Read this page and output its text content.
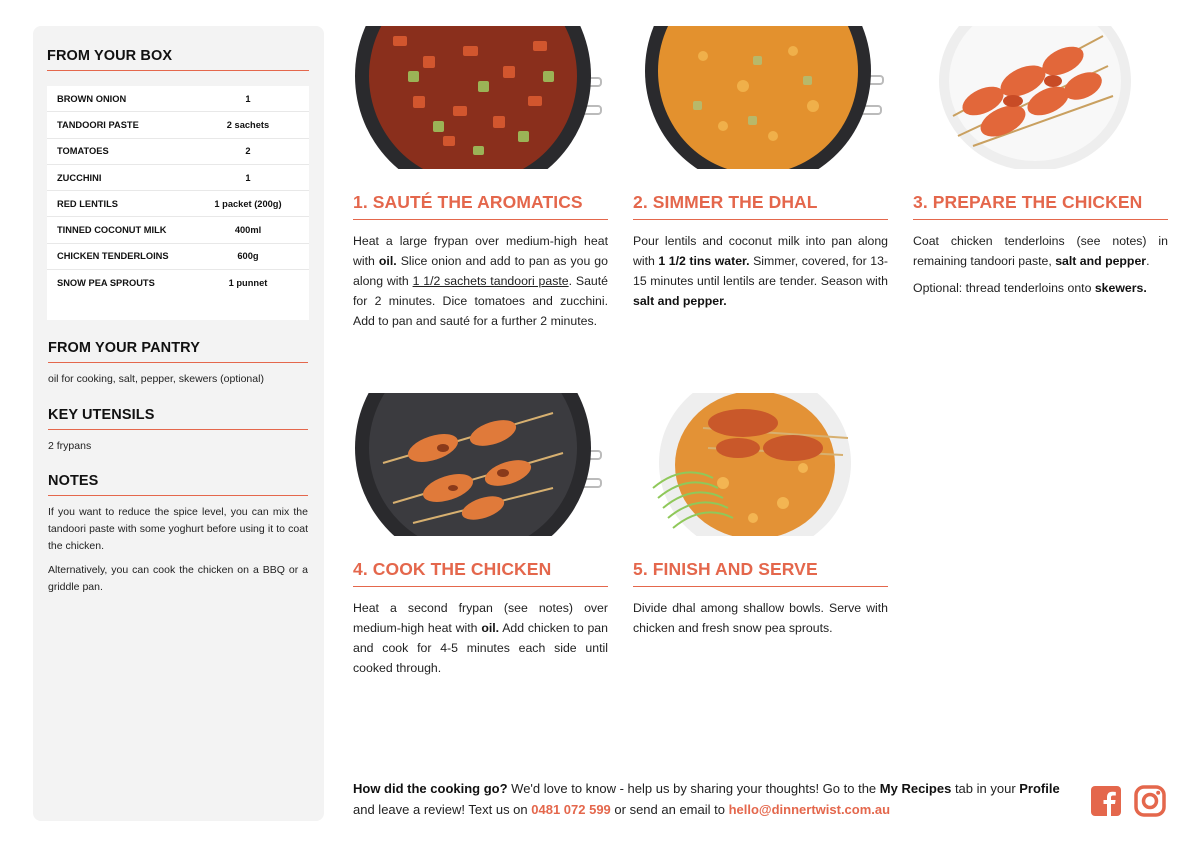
FROM YOUR BOX
BROWN ONION	1
TANDOORI PASTE	2 sachets
TOMATOES	2
ZUCCHINI	1
RED LENTILS	1 packet (200g)
TINNED COCONUT MILK	400ml
CHICKEN TENDERLOINS	600g
SNOW PEA SPROUTS	1 punnet
FROM YOUR PANTRY
oil for cooking, salt, pepper, skewers (optional)
KEY UTENSILS
2 frypans
NOTES

If you want to reduce the spice level, you can mix the tandoori paste with some yoghurt before using it to coat the chicken.

Alternatively, you can cook the chicken on a BBQ or a griddle pan.

1. SAUTÉ THE AROMATICS
Heat a large frypan over medium-high heat with oil. Slice onion and add to pan as you go along with 1 1/2 sachets tandoori paste. Sauté for 2 minutes. Dice tomatoes and zucchini. Add to pan and sauté for a further 2 minutes.
2. SIMMER THE DHAL
Pour lentils and coconut milk into pan along with 1 1/2 tins water. Simmer, covered, for 13-15 minutes until lentils are tender. Season with salt and pepper.
3. PREPARE THE CHICKEN

Coat chicken tenderloins (see notes) in remaining tandoori paste, salt and pepper.

Optional: thread tenderloins onto skewers.

4. COOK THE CHICKEN
Heat a second frypan (see notes) over medium-high heat with oil. Add chicken to pan and cook for 4-5 minutes each side until cooked through.
5. FINISH AND SERVE
Divide dhal among shallow bowls. Serve with chicken and fresh snow pea sprouts.
How did the cooking go? We'd love to know - help us by sharing your thoughts! Go to the My Recipes tab in your Profile and leave a review! Text us on 0481 072 599 or send an email to hello@dinnertwist.com.au
